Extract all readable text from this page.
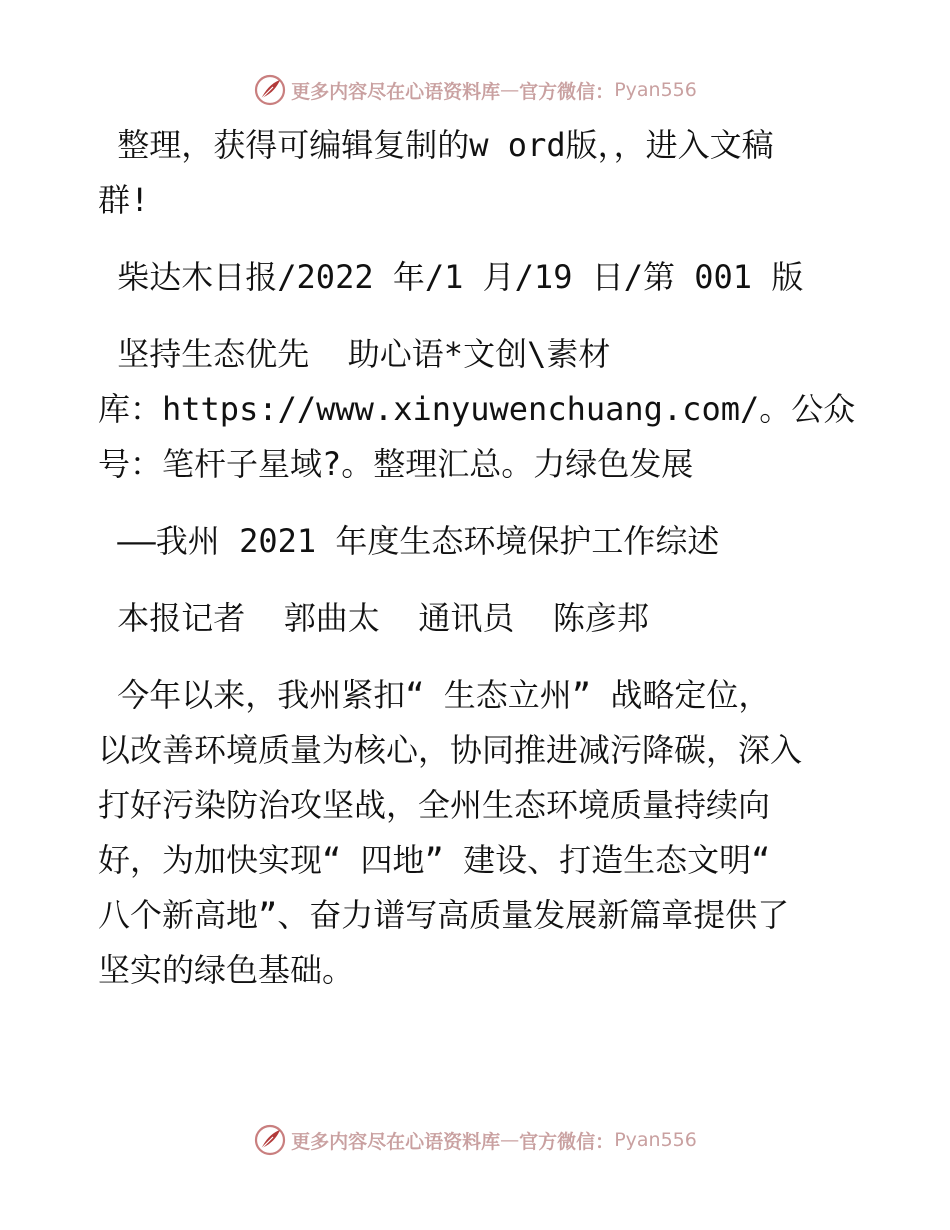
更多内容尽在心语资料库 — 官方微信： Pyan556

整理，获得可编辑复制的w ord版，，进入文稿

群!

柴达木日报/2022 年/1 月/19 日/第 001 版

坚持生态优先  助心语*文创\素材

库：https://www.xinyuwenchuang.com/。公众

号：笔杆子星域?。整理汇总。力绿色发展

——我州 2021 年度生态环境保护工作综述

本报记者  郭曲太  通讯员  陈彦邦

今年以来，我州紧扣“ 生态立州” 战略定位，

以改善环境质量为核心，协同推进减污降碳，深入

打好污染防治攻坚战，全州生态环境质量持续向

好，为加快实现“ 四地” 建设、打造生态文明“

八个新高地”、奋力谱写高质量发展新篇章提供了

坚实的绿色基础。

更多内容尽在心语资料库 — 官方微信： Pyan556
